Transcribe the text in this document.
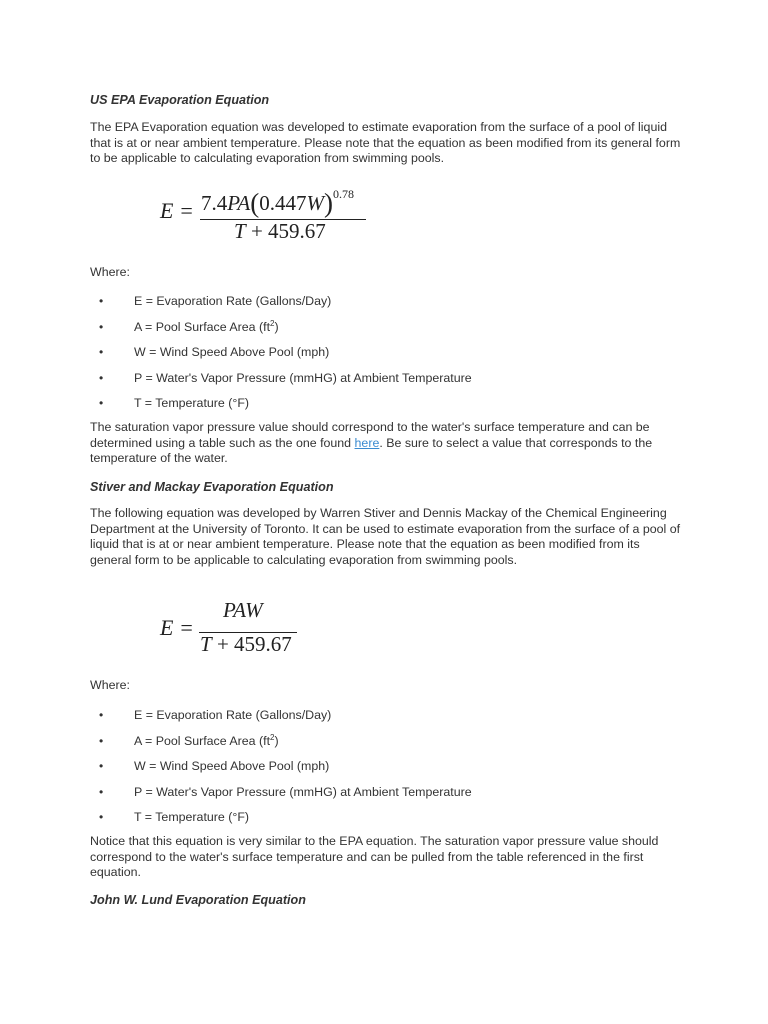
US EPA Evaporation Equation

The EPA Evaporation equation was developed to estimate evaporation from the surface of a pool of liquid that is at or near ambient temperature. Please note that the equation as been modified from its general form to be applicable to calculating evaporation from swimming pools.

$E = 7.4PA(0.447W)^{0.78}$
T + 459.67
Where:
• E = Evaporation Rate (Gallons/Day)
• A = Pool Surface Area $(ft^2)$
• W = Wind Speed Above Pool (mph)
• P = Water's Vapor Pressure (mmHG) at Ambient Temperature
• T = Temperature (°F)

The saturation vapor pressure value should correspond to the water's surface temperature and can be determined using a table such as the one found here. Be sure to select a value that corresponds to the temperature of the water.

Stiver and Mackay Evaporation Equation

The following equation was developed by Warren Stiver and Dennis Mackay of the Chemical Engineering Department at the University of Toronto. It can be used to estimate evaporation from the surface of a pool of liquid that is at or near ambient temperature. Please note that the equation as been modified from its general form to be applicable to calculating evaporation from swimming pools.

E =
PAW
T + 459.67
Where:
• E = Evaporation Rate (Gallons/Day)
• A = Pool Surface Area $(ft^2)$
• W = Wind Speed Above Pool (mph)
• P = Water's Vapor Pressure (mmHG) at Ambient Temperature
• T = Temperature (°F)

Notice that this equation is very similar to the EPA equation. The saturation vapor pressure value should correspond to the water's surface temperature and can be pulled from the table referenced in the first equation.

John W. Lund Evaporation Equation
